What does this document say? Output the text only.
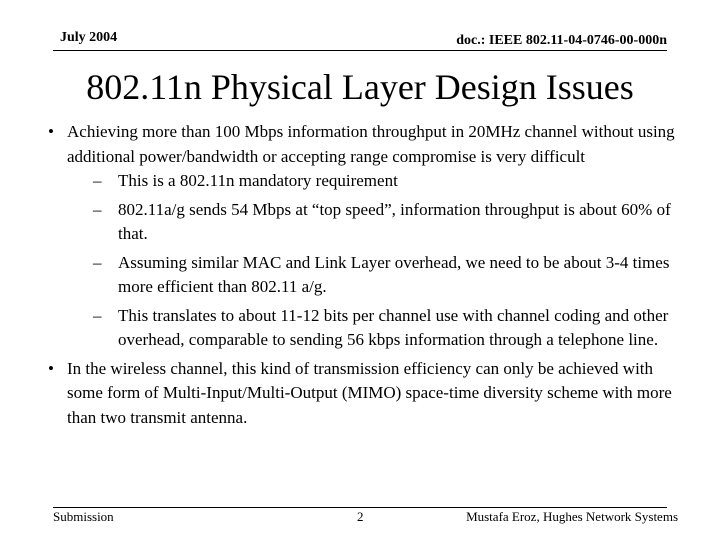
July 2004	doc.: IEEE 802.11-04-0746-00-000n
802.11n Physical Layer Design Issues
• Achieving more than 100 Mbps information throughput in 20MHz channel without using additional power/bandwidth or accepting range compromise is very difficult
– This is a 802.11n mandatory requirement
– 802.11a/g sends 54 Mbps at “top speed”, information throughput is about 60% of that.
– Assuming similar MAC and Link Layer overhead, we need to be about 3-4 times more efficient than 802.11 a/g.
– This translates to about 11-12 bits per channel use with channel coding and other overhead, comparable to sending 56 kbps information through a telephone line.
• In the wireless channel, this kind of transmission efficiency can only be achieved with some form of Multi-Input/Multi-Output (MIMO) space-time diversity scheme with more than two transmit antenna.
Submission	2	Mustafa Eroz, Hughes Network Systems
